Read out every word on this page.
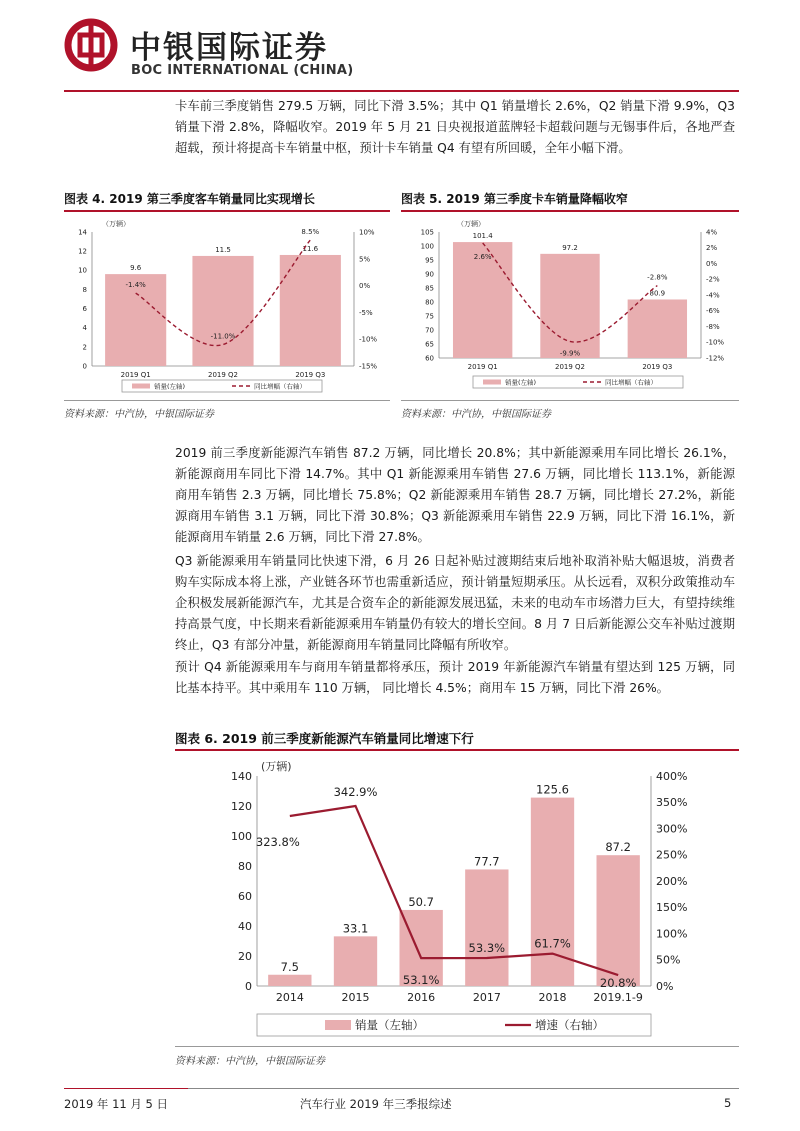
中银国际证券
BOC INTERNATIONAL (CHINA)
卡车前三季度销售 279.5 万辆，同比下滑 3.5%；其中 Q1 销量增长 2.6%，Q2 销量下滑 9.9%，Q3 销量下滑 2.8%，降幅收窄。2019 年 5 月 21 日央视报道蓝牌轻卡超载问题与无锡事件后，各地严查超载，预计将提高卡车销量中枢，预计卡车销量 Q4 有望有所回暖，全年小幅下滑。
图表 4. 2019 第三季度客车销量同比实现增长
（万辆）
0
2
4
6
8
10
12
14
-15%
-10%
-5%
0%
5%
10%
9.6
2019 Q1
11.5
2019 Q2
11.6
2019 Q3
-1.4%
-11.0%
8.5%
销量(左轴)	同比增幅（右轴）
资料来源：中汽协，中银国际证券
图表 5. 2019 第三季度卡车销量降幅收窄
（万辆）
60
65
70
75
80
85
90
95
100
105
-12%
-10%
-8%
-6%
-4%
-2%
0%
2%
4%
101.4
2019 Q1
97.2
2019 Q2
80.9
2019 Q3
2.6%
-9.9%
-2.8%
销量(左轴)	同比增幅（右轴）
资料来源：中汽协，中银国际证券
2019 前三季度新能源汽车销售 87.2 万辆，同比增长 20.8%；其中新能源乘用车同比增长 26.1%，新能源商用车同比下滑 14.7%。其中 Q1 新能源乘用车销售 27.6 万辆，同比增长 113.1%，新能源商用车销售 2.3 万辆，同比增长 75.8%；Q2 新能源乘用车销售 28.7 万辆，同比增长 27.2%，新能源商用车销售 3.1 万辆，同比下滑 30.8%；Q3 新能源乘用车销售 22.9 万辆，同比下滑 16.1%，新能源商用车销量 2.6 万辆，同比下滑 27.8%。
Q3 新能源乘用车销量同比快速下滑，6 月 26 日起补贴过渡期结束后地补取消补贴大幅退坡，消费者购车实际成本将上涨，产业链各环节也需重新适应，预计销量短期承压。从长远看，双积分政策推动车企积极发展新能源汽车，尤其是合资车企的新能源发展迅猛，未来的电动车市场潜力巨大，有望持续维持高景气度，中长期来看新能源乘用车销量仍有较大的增长空间。8 月 7 日后新能源公交车补贴过渡期终止，Q3 有部分冲量，新能源商用车销量同比降幅有所收窄。
预计 Q4 新能源乘用车与商用车销量都将承压，预计 2019 年新能源汽车销量有望达到 125 万辆，同比基本持平。其中乘用车 110 万辆， 同比增长 4.5%；商用车 15 万辆，同比下滑 26%。
图表 6. 2019 前三季度新能源汽车销量同比增速下行
(万辆)
0
20
40
60
80
100
120
140
0%
50%
100%
150%
200%
250%
300%
350%
400%
7.5
2014
33.1
2015
50.7
2016
77.7
2017
125.6
2018
87.2
2019.1-9
323.8%
342.9%
53.1%
53.3%	61.7%
20.8%
销量（左轴）	增速（右轴）
资料来源：中汽协，中银国际证券
2019 年 11 月 5 日	汽车行业 2019 年三季报综述	5
